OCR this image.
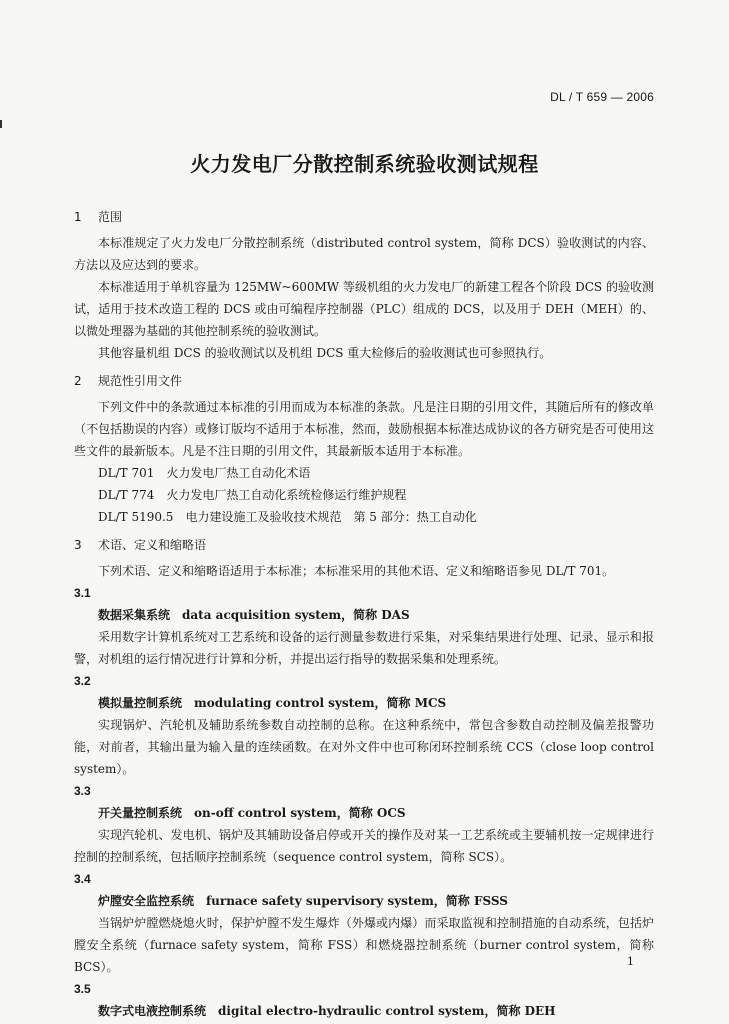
DL / T 659 — 2006
火力发电厂分散控制系统验收测试规程
1 范围

本标准规定了火力发电厂分散控制系统（distributed control system，简称 DCS）验收测试的内容、方法以及应达到的要求。

本标准适用于单机容量为 125MW~600MW 等级机组的火力发电厂的新建工程各个阶段 DCS 的验收测试，适用于技术改造工程的 DCS 或由可编程序控制器（PLC）组成的 DCS，以及用于 DEH（MEH）的、以微处理器为基础的其他控制系统的验收测试。

其他容量机组 DCS 的验收测试以及机组 DCS 重大检修后的验收测试也可参照执行。

2 规范性引用文件

下列文件中的条款通过本标准的引用而成为本标准的条款。凡是注日期的引用文件，其随后所有的修改单（不包括勘误的内容）或修订版均不适用于本标准，然而，鼓励根据本标准达成协议的各方研究是否可使用这些文件的最新版本。凡是不注日期的引用文件，其最新版本适用于本标准。

DL/T 701　火力发电厂热工自动化术语

DL/T 774　火力发电厂热工自动化系统检修运行维护规程

DL/T 5190.5　电力建设施工及验收技术规范　第 5 部分：热工自动化

3 术语、定义和缩略语

下列术语、定义和缩略语适用于本标准；本标准采用的其他术语、定义和缩略语参见 DL/T 701。

3.1

数据采集系统　data acquisition system，简称 DAS

采用数字计算机系统对工艺系统和设备的运行测量参数进行采集，对采集结果进行处理、记录、显示和报警，对机组的运行情况进行计算和分析，并提出运行指导的数据采集和处理系统。

3.2

模拟量控制系统　modulating control system，简称 MCS

实现锅炉、汽轮机及辅助系统参数自动控制的总称。在这种系统中，常包含参数自动控制及偏差报警功能，对前者，其输出量为输入量的连续函数。在对外文件中也可称闭环控制系统 CCS（close loop control system）。

3.3

开关量控制系统　on-off control system，简称 OCS

实现汽轮机、发电机、锅炉及其辅助设备启停或开关的操作及对某一工艺系统或主要辅机按一定规律进行控制的控制系统，包括顺序控制系统（sequence control system，简称 SCS）。

3.4

炉膛安全监控系统　furnace safety supervisory system，简称 FSSS

当锅炉炉膛燃烧熄火时，保护炉膛不发生爆炸（外爆或内爆）而采取监视和控制措施的自动系统，包括炉膛安全系统（furnace safety system，简称 FSS）和燃烧器控制系统（burner control system，简称 BCS）。

3.5

数字式电液控制系统　digital electro-hydraulic control system，简称 DEH

1
